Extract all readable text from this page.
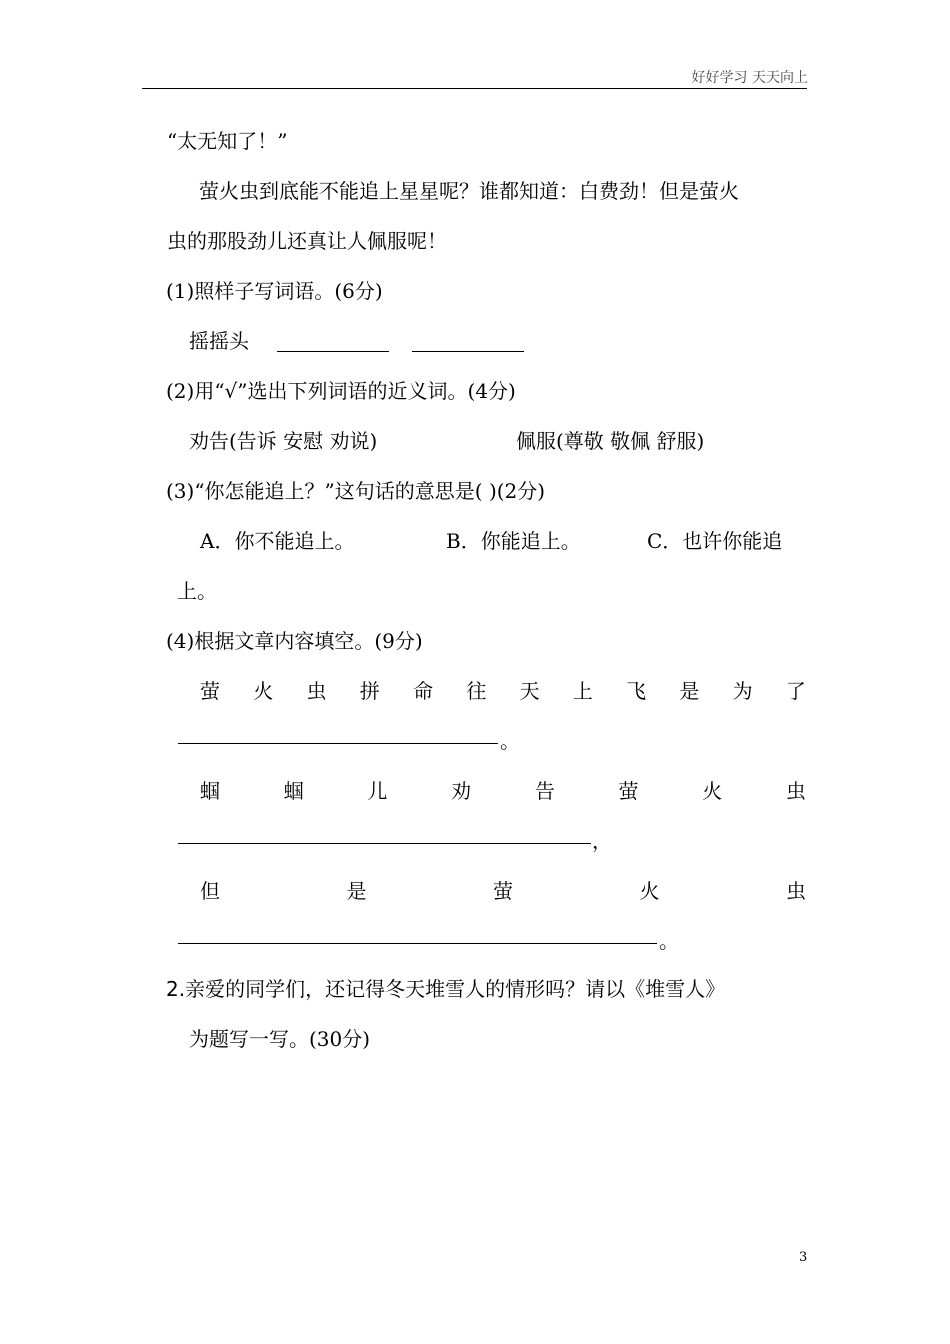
好好学习 天天向上
“太无知了！”
萤火虫到底能不能追上星星呢？谁都知道：白费劲！但是萤火
虫的那股劲儿还真让人佩服呢！
(1)照样子写词语。(6分)
摇摇头
(2)用“√”选出下列词语的近义词。(4分)
劝告(告诉 安慰 劝说)	佩服(尊敬 敬佩 舒服)
(3)“你怎能追上？”这句话的意思是( )(2分)
A．你不能追上。	B．你能追上。	C．也许你能追
上。
(4)根据文章内容填空。(9分)
萤 火 虫 拼 命 往 天 上 飞 是 为 了
。
蝈	蝈	儿	劝	告	萤	火	虫
，
但	是	萤	火	虫
。
2.亲爱的同学们，还记得冬天堆雪人的情形吗？请以《堆雪人》
为题写一写。(30分)
3
